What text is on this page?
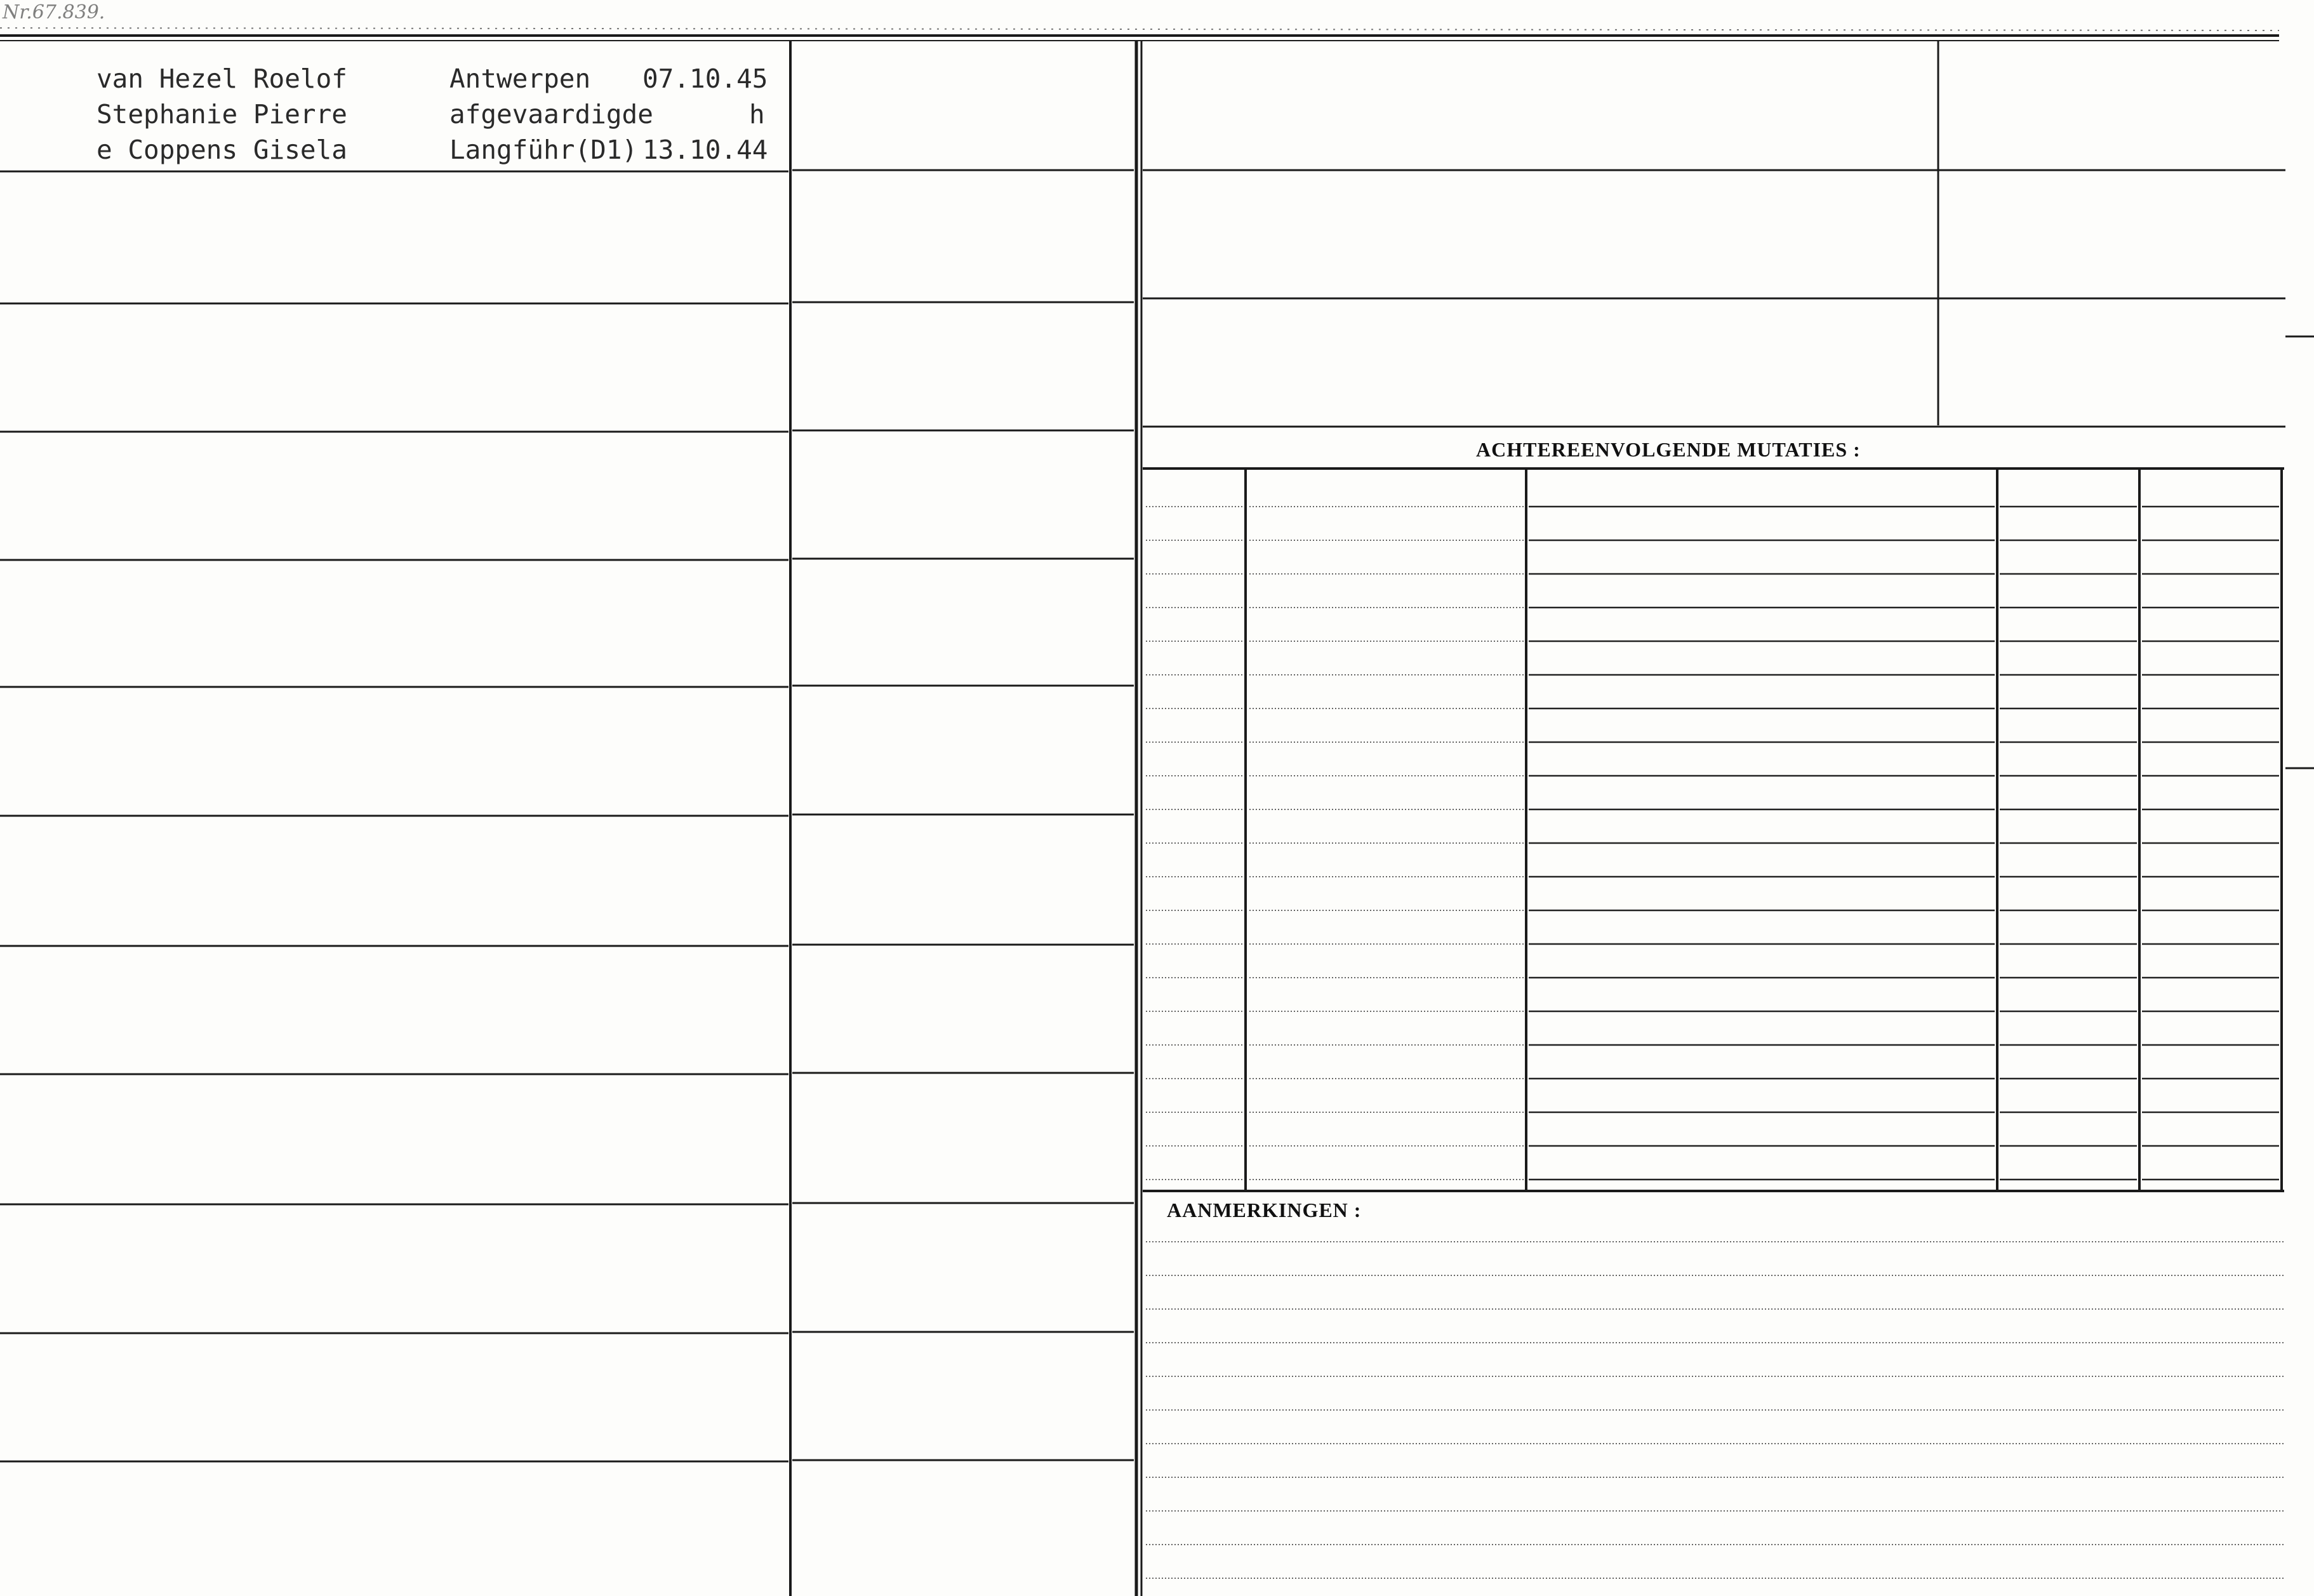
Nr.67.839.
van Hezel Roelof	Antwerpen 07.10.45
Stephanie Pierre	afgevaardigde	h
e Coppens Gisela	Langführ(D1) 13.10.44
ACHTEREENVOLGENDE MUTATIES :
AANMERKINGEN :
